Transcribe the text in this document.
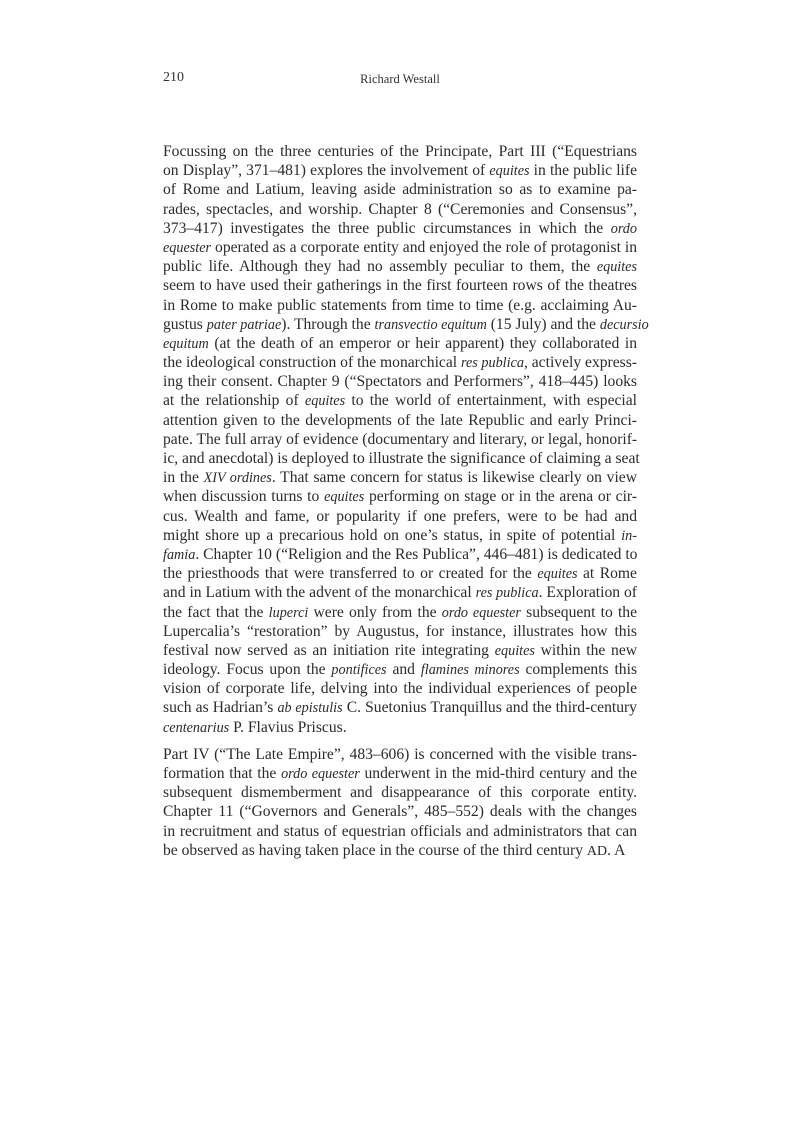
210	Richard Westall
Focussing on the three centuries of the Principate, Part III (“Equestrians
on Display”, 371–481) explores the involvement of equites in the public life
of Rome and Latium, leaving aside administration so as to examine pa-
rades, spectacles, and worship. Chapter 8 (“Ceremonies and Consensus”,
373–417) investigates the three public circumstances in which the ordo
equester operated as a corporate entity and enjoyed the role of protagonist in
public life. Although they had no assembly peculiar to them, the equites
seem to have used their gatherings in the first fourteen rows of the theatres
in Rome to make public statements from time to time (e.g. acclaiming Au-
gustus pater patriae). Through the transvectio equitum (15 July) and the decursio
equitum (at the death of an emperor or heir apparent) they collaborated in
the ideological construction of the monarchical res publica, actively express-
ing their consent. Chapter 9 (“Spectators and Performers”, 418–445) looks
at the relationship of equites to the world of entertainment, with especial
attention given to the developments of the late Republic and early Princi-
pate. The full array of evidence (documentary and literary, or legal, honorif-
ic, and anecdotal) is deployed to illustrate the significance of claiming a seat
in the XIV ordines. That same concern for status is likewise clearly on view
when discussion turns to equites performing on stage or in the arena or cir-
cus. Wealth and fame, or popularity if one prefers, were to be had and
might shore up a precarious hold on one’s status, in spite of potential in-
famia. Chapter 10 (“Religion and the Res Publica”, 446–481) is dedicated to
the priesthoods that were transferred to or created for the equites at Rome
and in Latium with the advent of the monarchical res publica. Exploration of
the fact that the luperci were only from the ordo equester subsequent to the
Lupercalia’s “restoration” by Augustus, for instance, illustrates how this
festival now served as an initiation rite integrating equites within the new
ideology. Focus upon the pontifices and flamines minores complements this
vision of corporate life, delving into the individual experiences of people
such as Hadrian’s ab epistulis C. Suetonius Tranquillus and the third-century
centenarius P. Flavius Priscus.
Part IV (“The Late Empire”, 483–606) is concerned with the visible trans-
formation that the ordo equester underwent in the mid-third century and the
subsequent dismemberment and disappearance of this corporate entity.
Chapter 11 (“Governors and Generals”, 485–552) deals with the changes
in recruitment and status of equestrian officials and administrators that can
be observed as having taken place in the course of the third century AD. A
